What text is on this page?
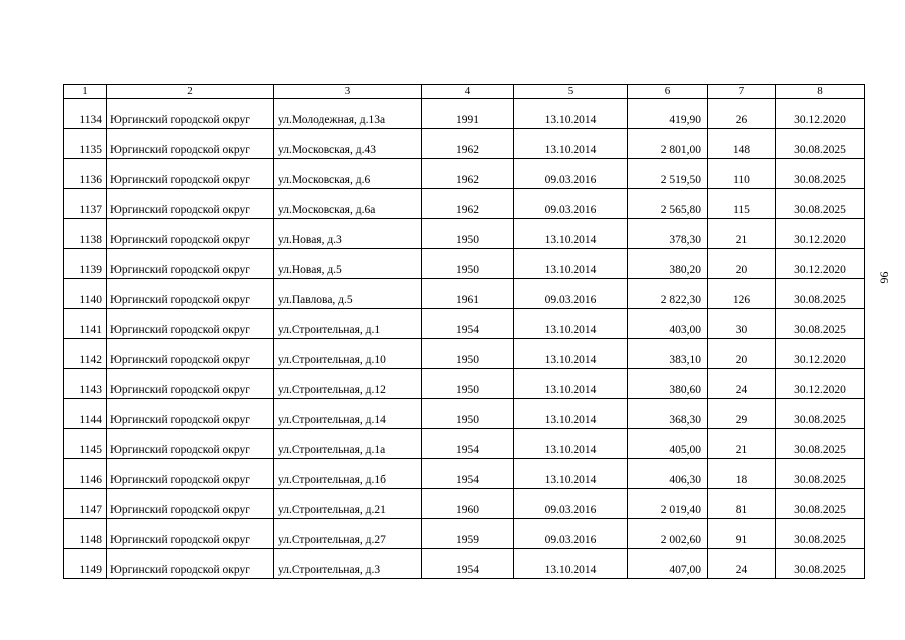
1	2	3	4	5	6	7	8
1134	Юргинский городской округ	ул.Молодежная, д.13а	1991	13.10.2014	419,90	26	30.12.2020
1135	Юргинский городской округ	ул.Московская, д.43	1962	13.10.2014	2 801,00	148	30.08.2025
1136	Юргинский городской округ	ул.Московская, д.6	1962	09.03.2016	2 519,50	110	30.08.2025
1137	Юргинский городской округ	ул.Московская, д.6а	1962	09.03.2016	2 565,80	115	30.08.2025
1138	Юргинский городской округ	ул.Новая, д.3	1950	13.10.2014	378,30	21	30.12.2020
1139	Юргинский городской округ	ул.Новая, д.5	1950	13.10.2014	380,20	20	30.12.2020
1140	Юргинский городской округ	ул.Павлова, д.5	1961	09.03.2016	2 822,30	126	30.08.2025
1141	Юргинский городской округ	ул.Строительная, д.1	1954	13.10.2014	403,00	30	30.08.2025
1142	Юргинский городской округ	ул.Строительная, д.10	1950	13.10.2014	383,10	20	30.12.2020
1143	Юргинский городской округ	ул.Строительная, д.12	1950	13.10.2014	380,60	24	30.12.2020
1144	Юргинский городской округ	ул.Строительная, д.14	1950	13.10.2014	368,30	29	30.08.2025
1145	Юргинский городской округ	ул.Строительная, д.1а	1954	13.10.2014	405,00	21	30.08.2025
1146	Юргинский городской округ	ул.Строительная, д.1б	1954	13.10.2014	406,30	18	30.08.2025
1147	Юргинский городской округ	ул.Строительная, д.21	1960	09.03.2016	2 019,40	81	30.08.2025
1148	Юргинский городской округ	ул.Строительная, д.27	1959	09.03.2016	2 002,60	91	30.08.2025
1149	Юргинский городской округ	ул.Строительная, д.3	1954	13.10.2014	407,00	24	30.08.2025
96
